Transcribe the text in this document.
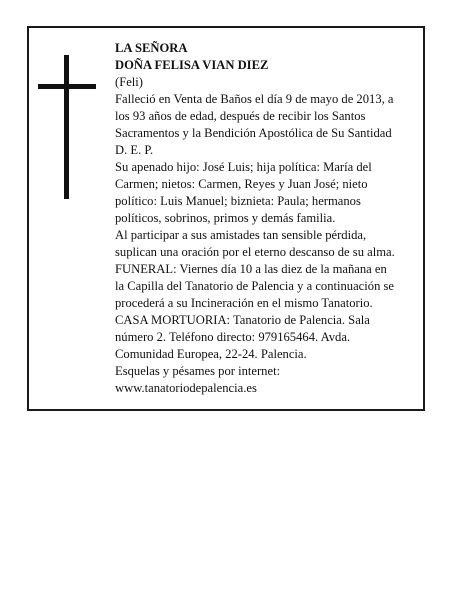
LA SEÑORA
DOÑA FELISA VIAN DIEZ
(Feli)
Falleció en Venta de Baños el día 9 de mayo de 2013, a
los 93 años de edad, después de recibir los Santos
Sacramentos y la Bendición Apostólica de Su Santidad
D. E. P.
Su apenado hijo: José Luis; hija política: María del
Carmen; nietos: Carmen, Reyes y Juan José; nieto
político: Luis Manuel; biznieta: Paula; hermanos
políticos, sobrinos, primos y demás familia.
Al participar a sus amistades tan sensible pérdida,
suplican una oración por el eterno descanso de su alma.
FUNERAL: Viernes día 10 a las diez de la mañana en
la Capilla del Tanatorio de Palencia y a continuación se
procederá a su Incineración en el mismo Tanatorio.
CASA MORTUORIA: Tanatorio de Palencia. Sala
número 2. Teléfono directo: 979165464. Avda.
Comunidad Europea, 22-24. Palencia.
Esquelas y pésames por internet:
www.tanatoriodepalencia.es
